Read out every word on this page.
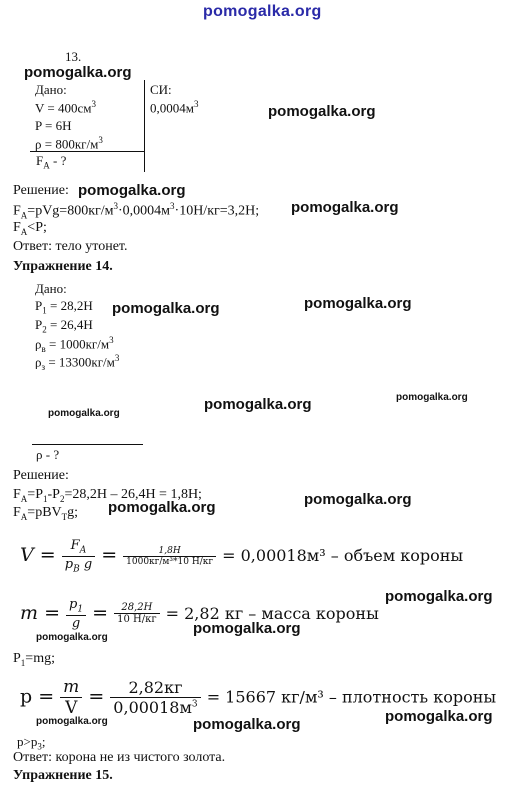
pomogalka.org
13.
pomogalka.org
Дано:	СИ:
$V = 400см^3$	$0,0004м^3$	pomogalka.org
P = 6Н
$\rho = 800кг/м^3$
$F_A$ - ?
Решение: pomogalka.org
$F_A=pVg=800кг/м^3\cdot 0,0004м^3\cdot 10Н/кг=3,2Н$; pomogalka.org
$F_A<P$;
Ответ: тело утонет.
Упражнение 14.
Дано:
$P_1 = 28,2Н$ pomogalka.org	pomogalka.org
$P_2 = 26,4Н$
$\rho_в = 1000кг/м^3$
$\rho_з = 13300кг/м^3$
pomogalka.org
pomogalka.org	pomogalka.org
ρ - ?
Решение:
$F_A=P_1-P_2=28,2Н - 26,4Н = 1,8Н$;	pomogalka.org
$F_A=pBV_Tg$; pomogalka.org
$V = \frac{F_A}{p_B g} = \frac{1,8Н}{\text{1000кг/м³*10 Н/кг}} = 0,00018м^3$ – объем короны
$m = \frac{p_1}{g} = \frac{28,2Н}{10 Н/кг} = 2,82$ кг – масса короны
pomogalka.org
pomogalka.org
pomogalka.org
$P_1=mg$;
$p = \frac{m}{V} = \frac{2,82кг}{0,00018м^3} = 15667$ кг/м³ – плотность короны
pomogalka.org	pomogalka.org	pomogalka.org
$p>p_3$;
Ответ: корона не из чистого золота.
Упражнение 15.
